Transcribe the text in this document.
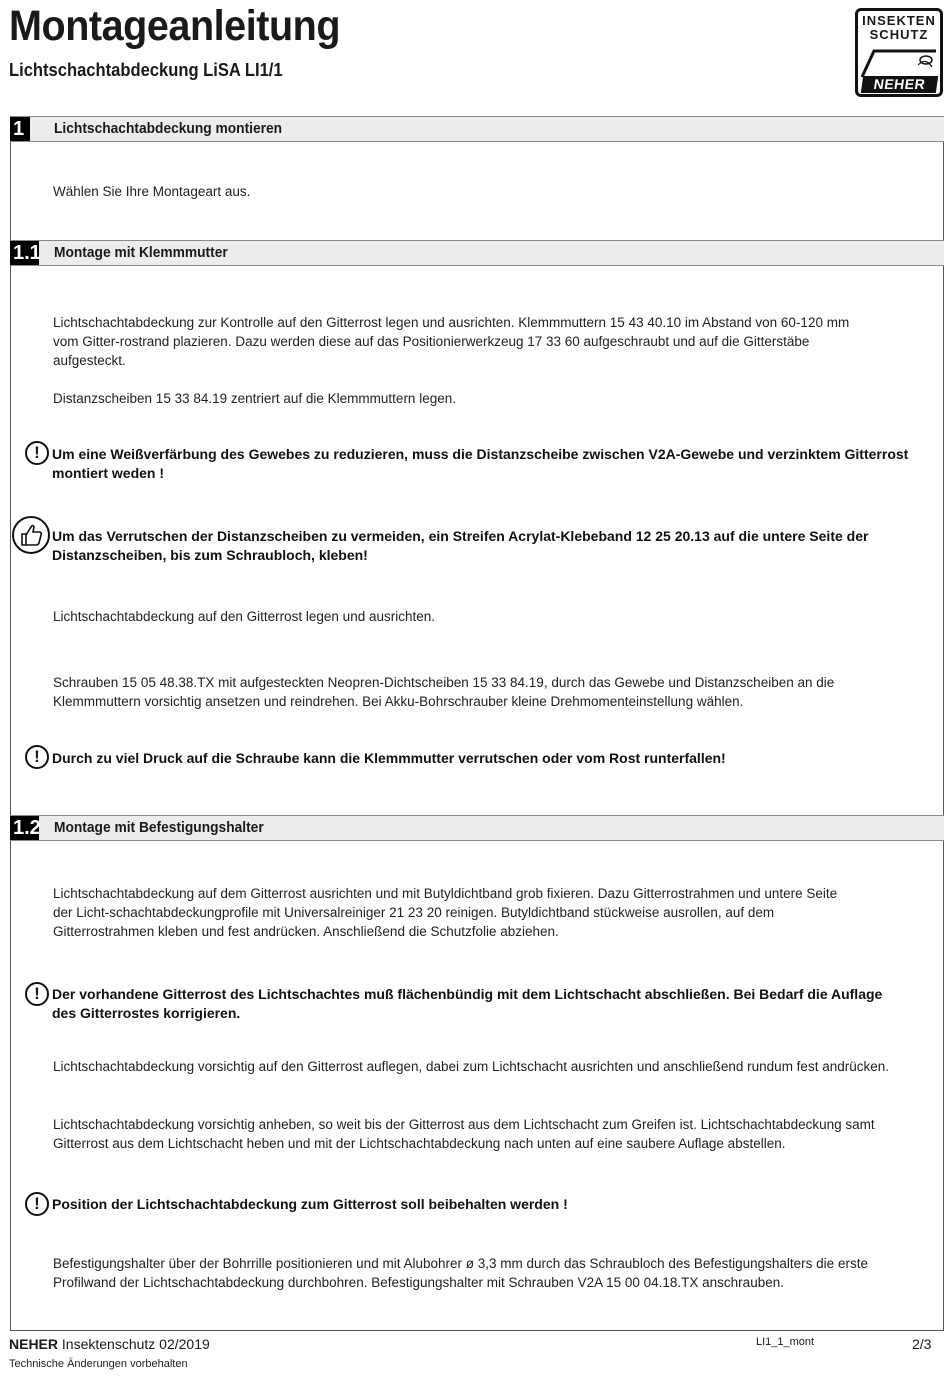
Montageanleitung
Lichtschachtabdeckung LiSA LI1/1
INSEKTEN
SCHUTZ
NEHER
1	Lichtschachtabdeckung montieren
Wählen Sie Ihre Montageart aus.
1.1 Montage mit Klemmmutter
Lichtschachtabdeckung zur Kontrolle auf den Gitterrost legen und ausrichten. Klemmmuttern 15 43 40.10 im Abstand von 60-120 mm vom Gitter-rostrand plazieren. Dazu werden diese auf das Positionierwerkzeug 17 33 60 aufgeschraubt und auf die Gitterstäbe aufgesteckt.
Distanzscheiben 15 33 84.19 zentriert auf die Klemmmuttern legen.
! Um eine Weißverfärbung des Gewebes zu reduzieren, muss die Distanzscheibe zwischen V2A-Gewebe und verzinktem Gitterrost montiert weden !
Um das Verrutschen der Distanzscheiben zu vermeiden, ein Streifen Acrylat-Klebeband 12 25 20.13 auf die untere Seite der Distanzscheiben, bis zum Schraubloch, kleben!
Lichtschachtabdeckung auf den Gitterrost legen und ausrichten.
Schrauben 15 05 48.38.TX mit aufgesteckten Neopren-Dichtscheiben 15 33 84.19, durch das Gewebe und Distanzscheiben an die Klemmmuttern vorsichtig ansetzen und reindrehen. Bei Akku-Bohrschrauber kleine Drehmomenteinstellung wählen.
! Durch zu viel Druck auf die Schraube kann die Klemmmutter verrutschen oder vom Rost runterfallen!
1.2 Montage mit Befestigungshalter
Lichtschachtabdeckung auf dem Gitterrost ausrichten und mit Butyldichtband grob fixieren. Dazu Gitterrostrahmen und untere Seite der Licht-schachtabdeckungprofile mit Universalreiniger 21 23 20 reinigen. Butyldichtband stückweise ausrollen, auf dem Gitterrostrahmen kleben und fest andrücken. Anschließend die Schutzfolie abziehen.
! Der vorhandene Gitterrost des Lichtschachtes muß flächenbündig mit dem Lichtschacht abschließen. Bei Bedarf die Auflage des Gitterrostes korrigieren.
Lichtschachtabdeckung vorsichtig auf den Gitterrost auflegen, dabei zum Lichtschacht ausrichten und anschließend rundum fest andrücken.
Lichtschachtabdeckung vorsichtig anheben, so weit bis der Gitterrost aus dem Lichtschacht zum Greifen ist. Lichtschachtabdeckung samt Gitterrost aus dem Lichtschacht heben und mit der Lichtschachtabdeckung nach unten auf eine saubere Auflage abstellen.
! Position der Lichtschachtabdeckung zum Gitterrost soll beibehalten werden !
Befestigungshalter über der Bohrrille positionieren und mit Alubohrer ø 3,3 mm durch das Schraubloch des Befestigungshalters die erste Profilwand der Lichtschachtabdeckung durchbohren. Befestigungshalter mit Schrauben V2A 15 00 04.18.TX anschrauben.
NEHER Insektenschutz 02/2019
Technische Änderungen vorbehalten
LI1_1_mont	2/3
